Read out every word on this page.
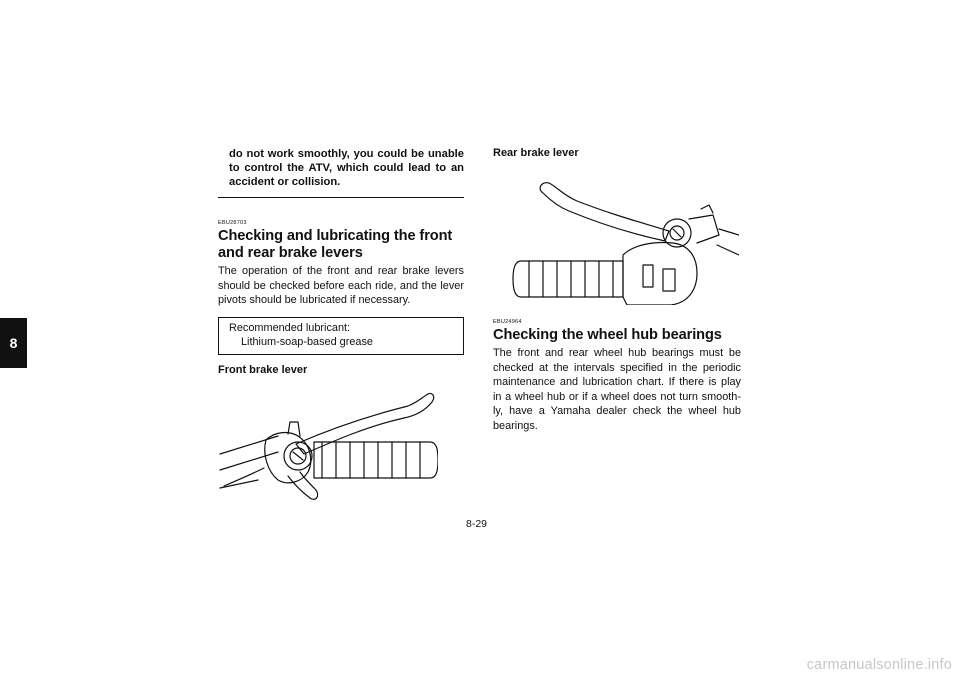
8

do not work smoothly, you could be unable to control the ATV, which could lead to an accident or collision.

EBU28703
Checking and lubricating the front and rear brake levers

The operation of the front and rear brake levers should be checked before each ride, and the lever pivots should be lubricated if necessary.

Recommended lubricant:
Lithium-soap-based grease
Front brake lever
Rear brake lever
EBU24964
Checking the wheel hub bearings

The front and rear wheel hub bearings must be checked at the intervals specified in the periodic maintenance and lubrication chart. If there is play in a wheel hub or if a wheel does not turn smooth-ly, have a Yamaha dealer check the wheel hub bearings.

8-29
carmanualsonline.info
